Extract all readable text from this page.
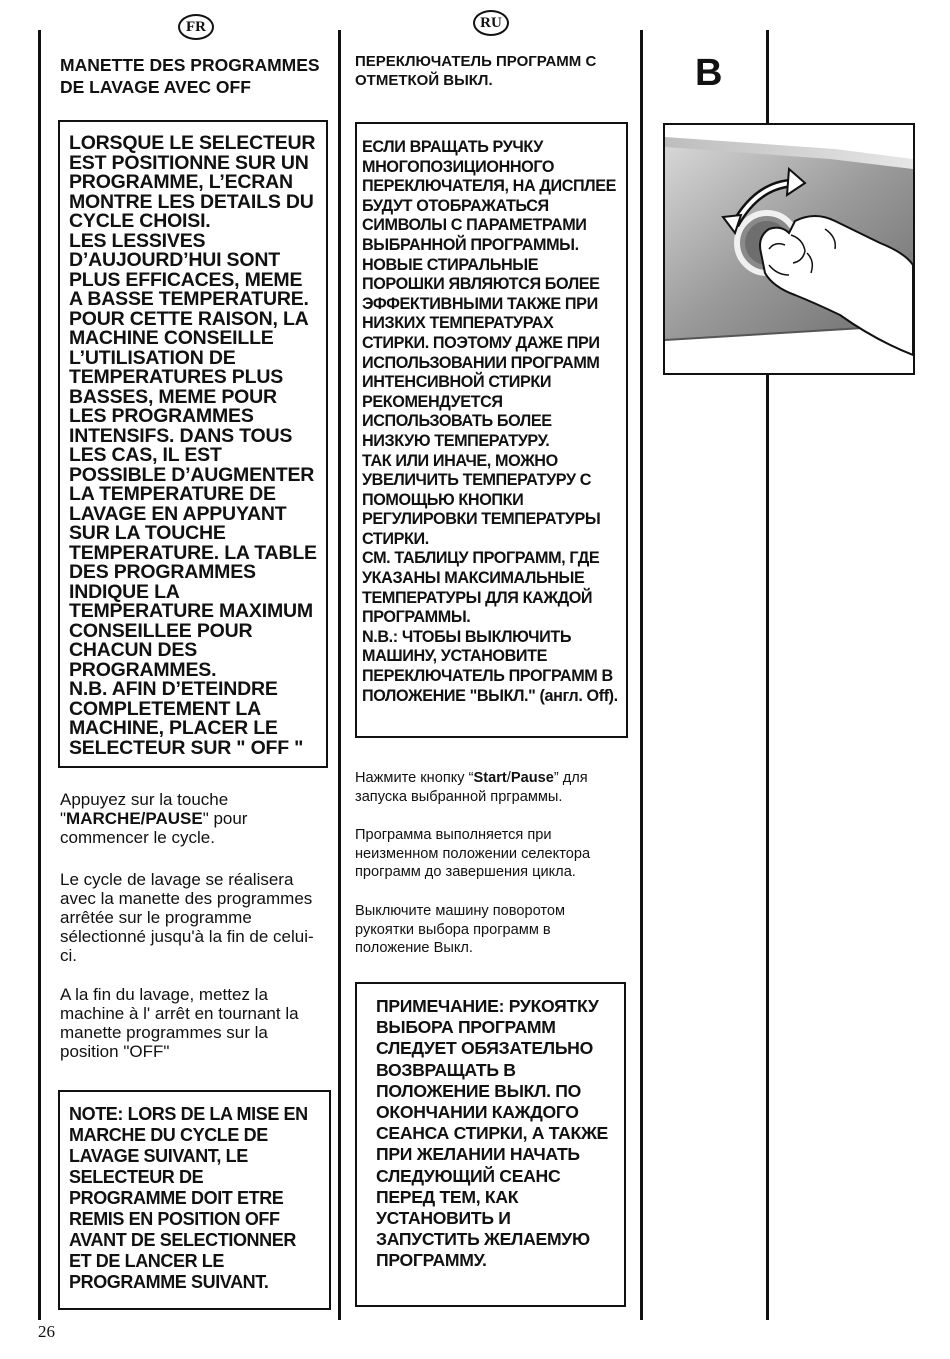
FR	RU
MANETTE DES PROGRAMMES
DE LAVAGE AVEC OFF

LORSQUE LE SELECTEUR EST POSITIONNE SUR UN PROGRAMME, L’ECRAN MONTRE LES DETAILS DU CYCLE CHOISI.
LES LESSIVES D’AUJOURD’HUI SONT PLUS EFFICACES, MEME A BASSE TEMPERATURE. POUR CETTE RAISON, LA MACHINE CONSEILLE L’UTILISATION DE TEMPERATURES PLUS BASSES, MEME POUR LES PROGRAMMES INTENSIFS. DANS TOUS LES CAS, IL EST POSSIBLE D’AUGMENTER LA TEMPERATURE DE LAVAGE EN APPUYANT SUR LA TOUCHE TEMPERATURE. LA TABLE DES PROGRAMMES INDIQUE LA TEMPERATURE MAXIMUM CONSEILLEE POUR CHACUN DES PROGRAMMES.
N.B. AFIN D’ETEINDRE COMPLETEMENT LA MACHINE, PLACER LE SELECTEUR SUR " OFF "

Appuyez sur la touche "MARCHE/PAUSE" pour commencer le cycle.

Le cycle de lavage se réalisera avec la manette des programmes arrêtée sur le programme sélectionné jusqu'à la fin de celui-ci.

A la fin du lavage, mettez la machine à l' arrêt en tournant la manette programmes sur la position "OFF"

NOTE: LORS DE LA MISE EN MARCHE DU CYCLE DE LAVAGE SUIVANT, LE SELECTEUR DE PROGRAMME DOIT ETRE REMIS EN POSITION OFF AVANT DE SELECTIONNER ET DE LANCER LE PROGRAMME SUIVANT.

ПЕРЕКЛЮЧАТЕЛЬ ПРОГРАММ С
ОТМЕТКОЙ ВЫКЛ.

ЕСЛИ ВРАЩАТЬ РУЧКУ МНОГОПОЗИЦИОННОГО ПЕРЕКЛЮЧАТЕЛЯ, НА ДИСПЛЕЕ БУДУТ ОТОБРАЖАТЬСЯ СИМВОЛЫ С ПАРАМЕТРАМИ ВЫБРАННОЙ ПРОГРАММЫ.
НОВЫЕ СТИРАЛЬНЫЕ ПОРОШКИ ЯВЛЯЮТСЯ БОЛЕЕ ЭФФЕКТИВНЫМИ ТАКЖЕ ПРИ НИЗКИХ ТЕМПЕРАТУРАХ СТИРКИ. ПОЭТОМУ ДАЖЕ ПРИ ИСПОЛЬЗОВАНИИ ПРОГРАММ ИНТЕНСИВНОЙ СТИРКИ РЕКОМЕНДУЕТСЯ ИСПОЛЬЗОВАТЬ БОЛЕЕ НИЗКУЮ ТЕМПЕРАТУРУ.
ТАК ИЛИ ИНАЧЕ, МОЖНО УВЕЛИЧИТЬ ТЕМПЕРАТУРУ С ПОМОЩЬЮ КНОПКИ РЕГУЛИРОВКИ ТЕМПЕРАТУРЫ СТИРКИ.
СМ. ТАБЛИЦУ ПРОГРАММ, ГДЕ УКАЗАНЫ МАКСИМАЛЬНЫЕ ТЕМПЕРАТУРЫ ДЛЯ КАЖДОЙ ПРОГРАММЫ.

N.B.: ЧТОБЫ ВЫКЛЮЧИТЬ МАШИНУ, УСТАНОВИТЕ ПЕРЕКЛЮЧАТЕЛЬ ПРОГРАММ В ПОЛОЖЕНИЕ "ВЫКЛ." (англ. Off).

Нажмите кнопку “Start/Pause” для запуска выбранной прграммы.

Программа выполняется при неизменном положении селектора программ до завершения цикла.

Выключите машину поворотом рукоятки выбора программ в положение Выкл.

ПРИМЕЧАНИЕ: РУКОЯТКУ ВЫБОРА ПРОГРАММ СЛЕДУЕТ ОБЯЗАТЕЛЬНО ВОЗВРАЩАТЬ В ПОЛОЖЕНИЕ ВЫКЛ. ПО ОКОНЧАНИИ КАЖДОГО СЕАНСА СТИРКИ, А ТАКЖЕ ПРИ ЖЕЛАНИИ НАЧАТЬ СЛЕДУЮЩИЙ СЕАНС ПЕРЕД ТЕМ, КАК УСТАНОВИТЬ И ЗАПУСТИТЬ ЖЕЛАЕМУЮ ПРОГРАММУ.

B
26
